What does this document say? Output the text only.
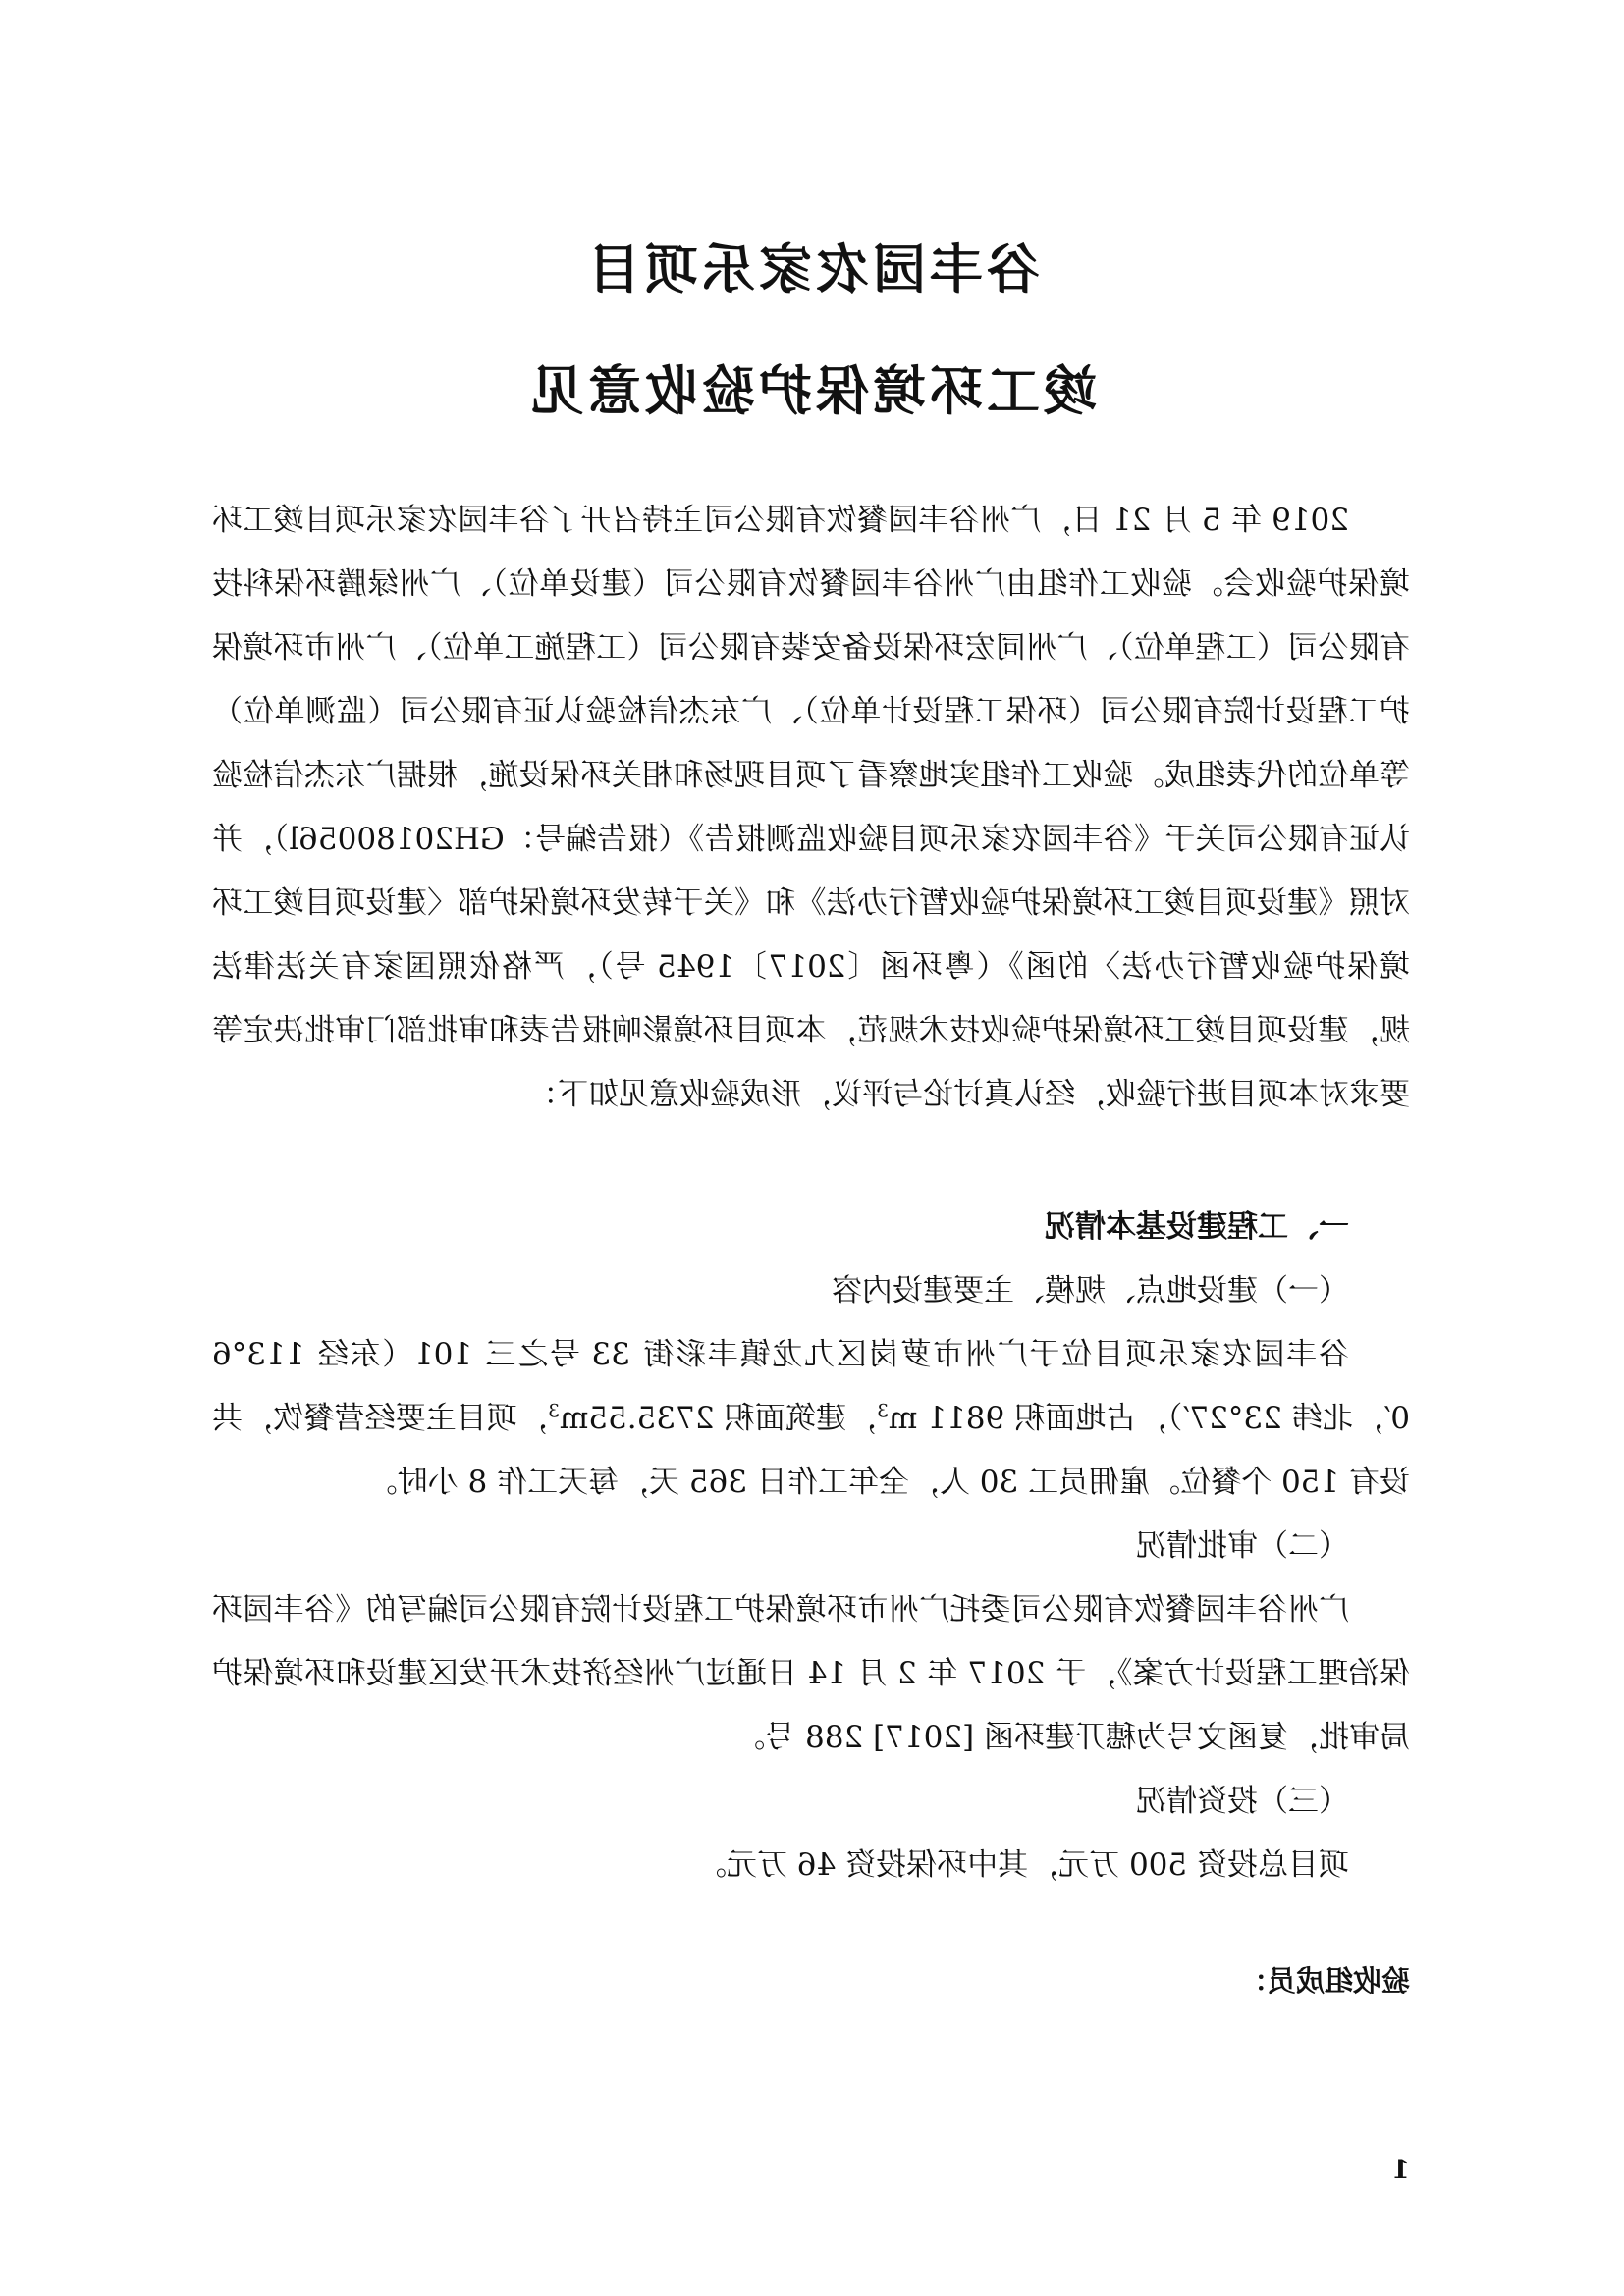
谷丰园农家乐项目
竣工环境保护验收意见

2019 年 5 月 21 日，广州谷丰园餐饮有限公司主持召开了谷丰园农家乐项目竣工环境保护验收会。验收工作组由广州谷丰园餐饮有限公司（建设单位）、广州绿腾环保科技有限公司（工程单位）、广州同宏环保设备安装有限公司（工程施工单位）、广州市环境保护工程设计院有限公司（环保工程设计单位）、广东杰信检验认证有限公司（监测单位）等单位的代表组成。验收工作组实地察看了项目现场和相关环保设施，根据广东杰信检验认证有限公司关于《谷丰园农家乐项目验收监测报告》（报告编号：GH20180056l），并对照《建设项目竣工环境保护验收暂行办法》和《关于转发环境保护部〈建设项目竣工环境保护验收暂行办法〉的函》（粤环函〔2017〕1945 号），严格依照国家有关法律法规，建设项目竣工环境保护验收技术规范，本项目环境影响报告表和审批部门审批决定等要求对本项目进行验收，经认真讨论与评议，形成验收意见如下：

一、工程建设基本情况

（一）建设地点、规模、主要建设内容

谷丰园农家乐项目位于广州市萝岗区九龙镇丰彩街 33 号之三 101（东经 113°60′，北纬 23°27′），占地面积 9811 $m^3$，建筑面积 $2735.55m^3$，项目主要经营餐饮，共设有 150 个餐位。雇佣员工 30 人，全年工作日 365 天，每天工作 8 小时。

（二）审批情况

广州谷丰园餐饮有限公司委托广州市环境保护工程设计院有限公司编写的《谷丰园环保治理工程设计方案》，于 2017 年 2 月 14 日通过广州经济技术开发区建设和环境保护局审批，复函文号为穗开建环函 [2017] 288 号。

（三）投资情况

项目总投资 500 万元，其中环保投资 46 万元。

验收组成员：

1
